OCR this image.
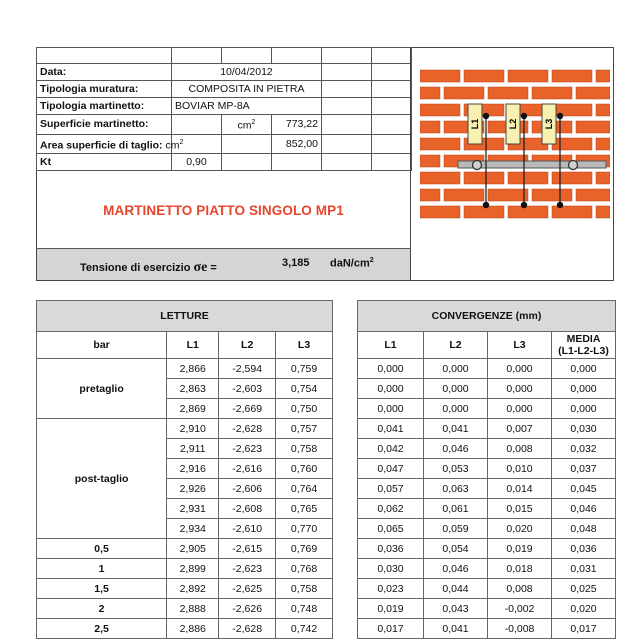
Data:	10/04/2012				
Tipologia muratura:	COMPOSITA IN PIETRA				
Tipologia martinetto:	BOVIAR MP-8A				
Superficie martinetto:		$cm^2$	773,22		
Area superficie di taglio: $cm^2$			852,00		
Kt	0,90				
MARTINETTO PIATTO SINGOLO MP1
Tensione di esercizio σe =	3,185 daN/$cm^2$
L1	L2	L3
LETTURE			
bar	L1	L2	L3
pretaglio	2,866	-2,594	0,759
	2,863	-2,603	0,754
	2,869	-2,669	0,750
post-taglio	2,910	-2,628	0,757
	2,911	-2,623	0,758
	2,916	-2,616	0,760
	2,926	-2,606	0,764
	2,931	-2,608	0,765
	2,934	-2,610	0,770
0,5	2,905	-2,615	0,769
1	2,899	-2,623	0,768
1,5	2,892	-2,625	0,758
2	2,888	-2,626	0,748
2,5	2,886	-2,628	0,742
CONVERGENZE (mm)			
L1	L2	L3	MEDIA
(L1-L2-L3)
0,000	0,000	0,000	0,000
0,000	0,000	0,000	0,000
0,000	0,000	0,000	0,000
0,041	0,041	0,007	0,030
0,042	0,046	0,008	0,032
0,047	0,053	0,010	0,037
0,057	0,063	0,014	0,045
0,062	0,061	0,015	0,046
0,065	0,059	0,020	0,048
0,036	0,054	0,019	0,036
0,030	0,046	0,018	0,031
0,023	0,044	0,008	0,025
0,019	0,043	-0,002	0,020
0,017	0,041	-0,008	0,017
